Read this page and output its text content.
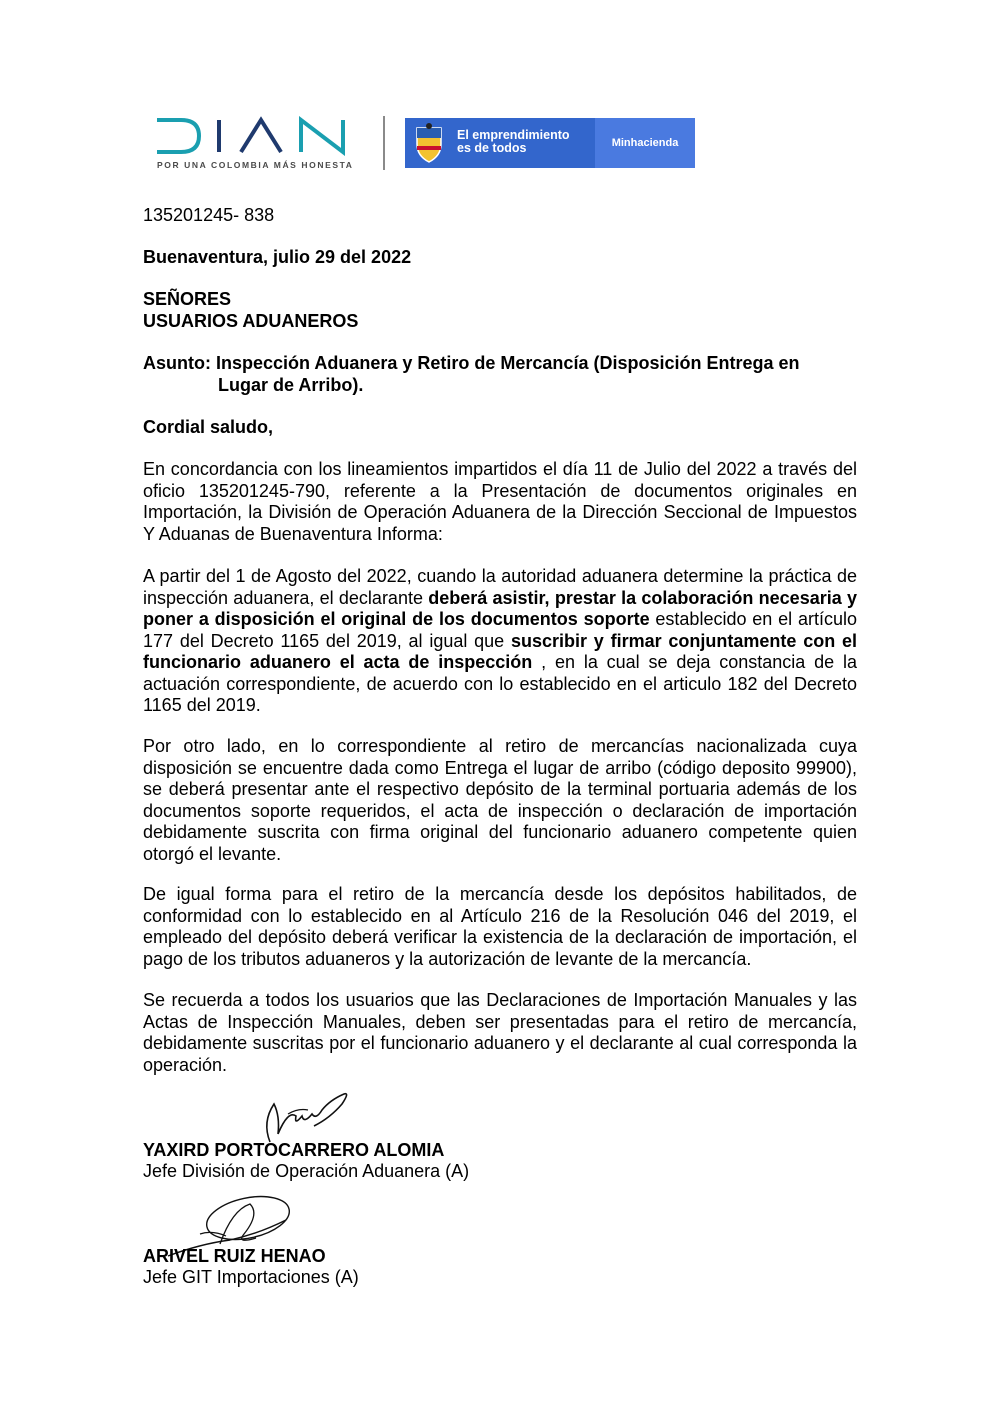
POR UNA COLOMBIA MÁS HONESTA
El emprendimiento
es de todos	Minhacienda
135201245- 838
Buenaventura, julio 29 del 2022
SEÑORES
USUARIOS ADUANEROS
Asunto: Inspección Aduanera y Retiro de Mercancía (Disposición Entrega en
Lugar de Arribo).
Cordial saludo,

En concordancia con los lineamientos impartidos el día 11 de Julio del 2022 a través del oficio 135201245-790, referente a la Presentación de documentos originales en Importación, la División de Operación Aduanera de la Dirección Seccional de Impuestos Y Aduanas de Buenaventura Informa:

A partir del 1 de Agosto del 2022, cuando la autoridad aduanera determine la práctica de inspección aduanera, el declarante deberá asistir, prestar la colaboración necesaria y poner a disposición el original de los documentos soporte establecido en el artículo 177 del Decreto 1165 del 2019, al igual que suscribir y firmar conjuntamente con el funcionario aduanero el acta de inspección , en la cual se deja constancia de la actuación correspondiente, de acuerdo con lo establecido en el articulo 182 del Decreto 1165 del 2019.

Por otro lado, en lo correspondiente al retiro de mercancías nacionalizada cuya disposición se encuentre dada como Entrega el lugar de arribo (código deposito 99900), se deberá presentar ante el respectivo depósito de la terminal portuaria además de los documentos soporte requeridos, el acta de inspección o declaración de importación debidamente suscrita con firma original del funcionario aduanero competente quien otorgó el levante.

De igual forma para el retiro de la mercancía desde los depósitos habilitados, de conformidad con lo establecido en al Artículo 216 de la Resolución 046 del 2019, el empleado del depósito deberá verificar la existencia de la declaración de importación, el pago de los tributos aduaneros y la autorización de levante de la mercancía.

Se recuerda a todos los usuarios que las Declaraciones de Importación Manuales y las Actas de Inspección Manuales, deben ser presentadas para el retiro de mercancía, debidamente suscritas por el funcionario aduanero y el declarante al cual corresponda la operación.

YAXIRD PORTOCARRERO ALOMIA
Jefe División de Operación Aduanera (A)
ARIVEL RUIZ HENAO
Jefe GIT Importaciones (A)
